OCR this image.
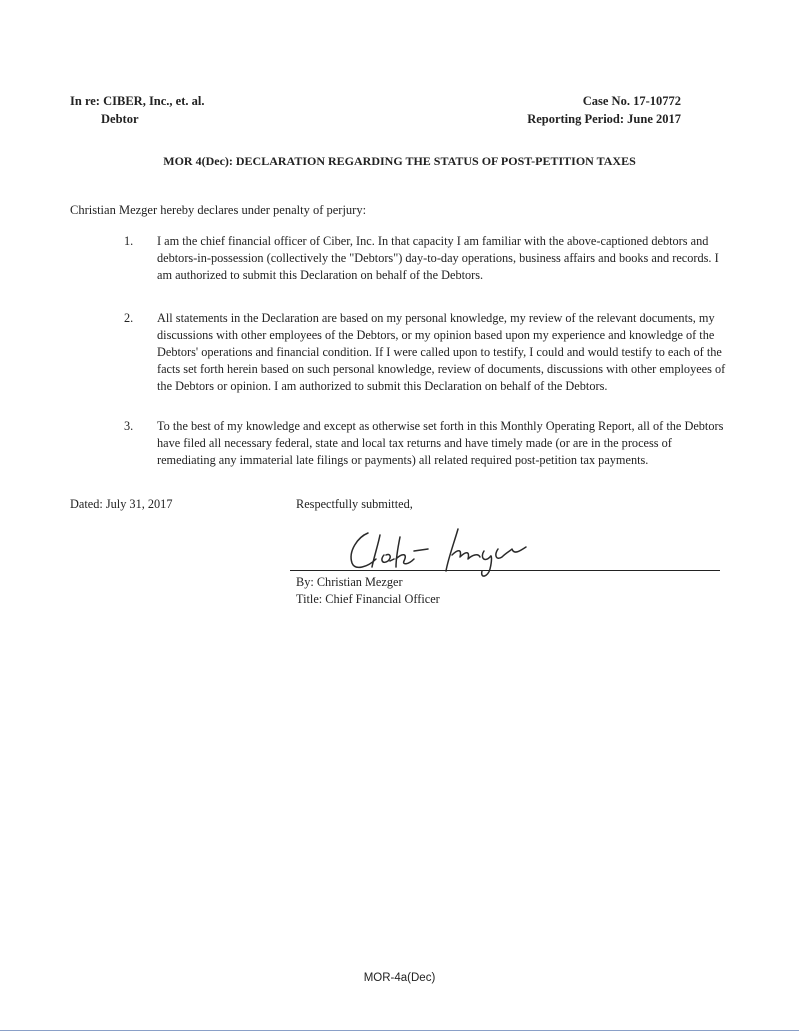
In re: CIBER, Inc., et. al.
Debtor
Case No. 17-10772
Reporting Period: June 2017
MOR 4(Dec): DECLARATION REGARDING THE STATUS OF POST-PETITION TAXES
Christian Mezger hereby declares under penalty of perjury:
1. I am the chief financial officer of Ciber, Inc. In that capacity I am familiar with the above-captioned debtors and debtors-in-possession (collectively the "Debtors") day-to-day operations, business affairs and books and records. I am authorized to submit this Declaration on behalf of the Debtors.
2. All statements in the Declaration are based on my personal knowledge, my review of the relevant documents, my discussions with other employees of the Debtors, or my opinion based upon my experience and knowledge of the Debtors' operations and financial condition. If I were called upon to testify, I could and would testify to each of the facts set forth herein based on such personal knowledge, review of documents, discussions with other employees of the Debtors or opinion. I am authorized to submit this Declaration on behalf of the Debtors.
3. To the best of my knowledge and except as otherwise set forth in this Monthly Operating Report, all of the Debtors have filed all necessary federal, state and local tax returns and have timely made (or are in the process of remediating any immaterial late filings or payments) all related required post-petition tax payments.
Dated: July 31, 2017	Respectfully submitted,
By: Christian Mezger
Title: Chief Financial Officer
MOR-4a(Dec)
